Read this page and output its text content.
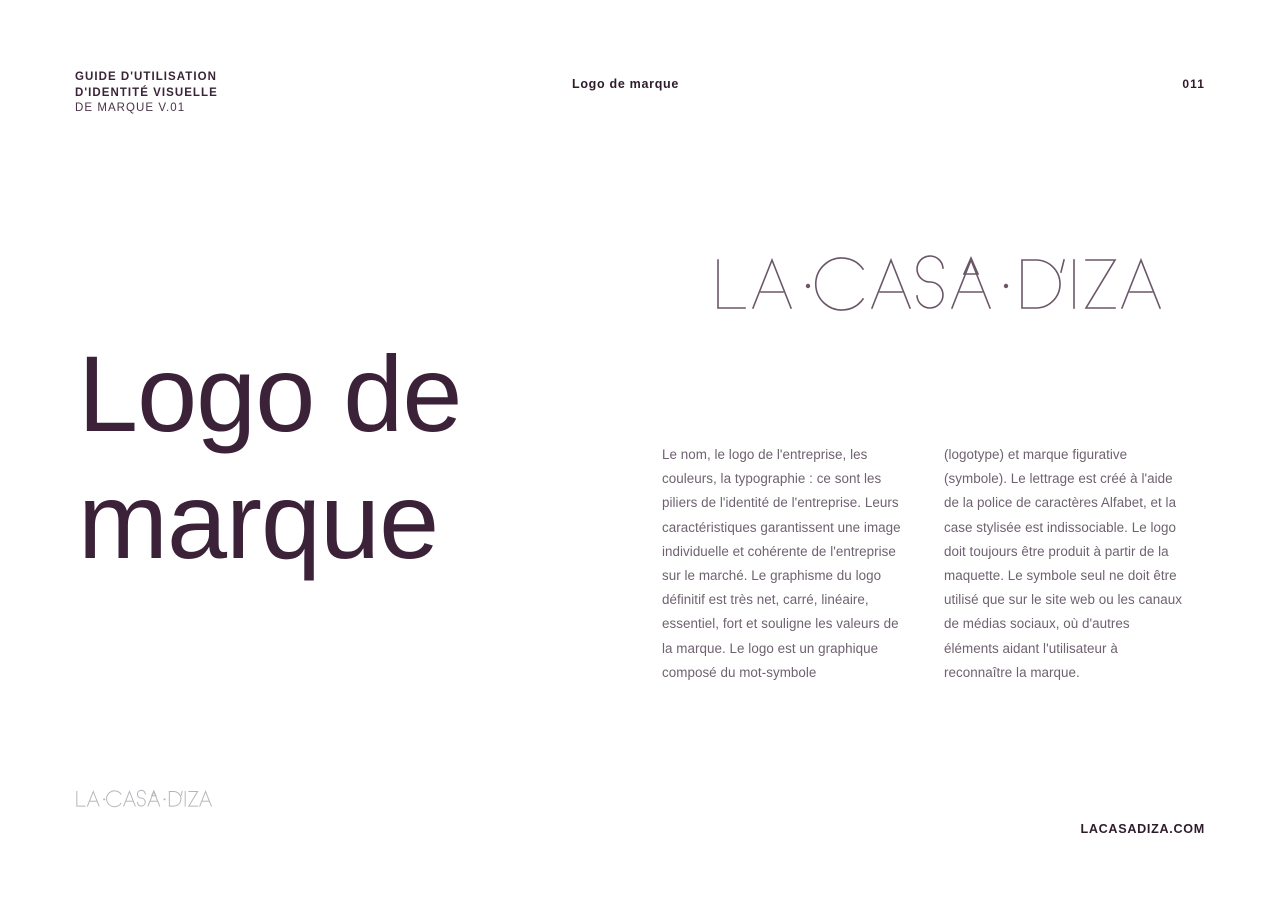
GUIDE D'UTILISATION
D'IDENTITÉ VISUELLE
DE MARQUE V.01
Logo de marque	011
Logo de
marque

Le nom, le logo de l'entreprise, les couleurs, la typographie : ce sont les piliers de l'identité de l'entreprise. Leurs caractéristiques garantissent une image individuelle et cohérente de l'entreprise sur le marché. Le graphisme du logo définitif est très net, carré, linéaire, essentiel, fort et souligne les valeurs de la marque. Le logo est un graphique composé du mot-symbole

(logotype) et marque figurative (symbole). Le lettrage est créé à l'aide de la police de caractères Alfabet, et la case stylisée est indissociable. Le logo doit toujours être produit à partir de la maquette. Le symbole seul ne doit être utilisé que sur le site web ou les canaux de médias sociaux, où d'autres éléments aidant l'utilisateur à reconnaître la marque.

LACASADIZA.COM
